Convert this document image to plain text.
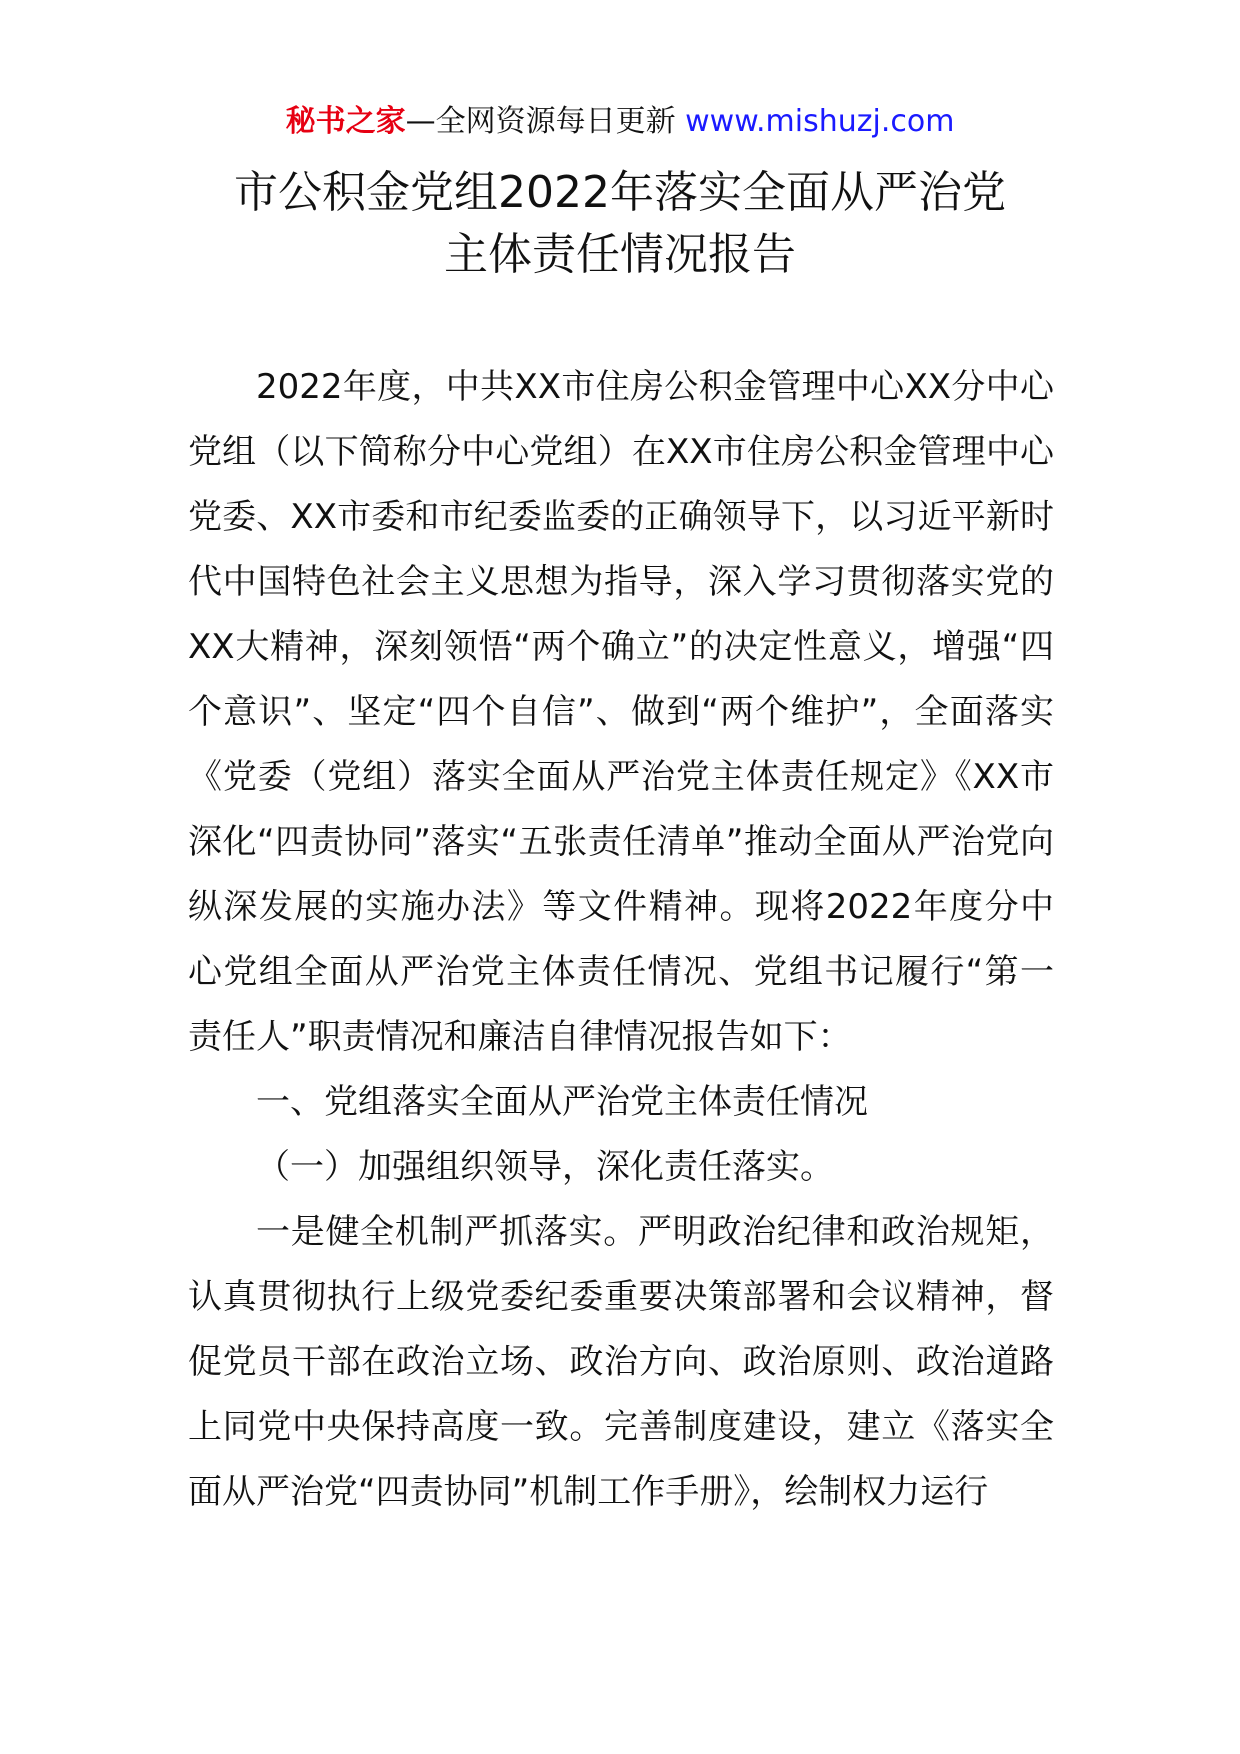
秘书之家—全网资源每日更新 www.mishuzj.com
市公积金党组2022年落实全面从严治党
主体责任情况报告

2022年度，中共XX市住房公积金管理中心XX分中心党组（以下简称分中心党组）在XX市住房公积金管理中心党委、XX市委和市纪委监委的正确领导下，以习近平新时代中国特色社会主义思想为指导，深入学习贯彻落实党的XX大精神，深刻领悟“两个确立”的决定性意义，增强“四个意识”、坚定“四个自信”、做到“两个维护”，全面落实《党委（党组）落实全面从严治党主体责任规定》《XX市深化“四责协同”落实“五张责任清单”推动全面从严治党向纵深发展的实施办法》等文件精神。现将2022年度分中心党组全面从严治党主体责任情况、党组书记履行“第一责任人”职责情况和廉洁自律情况报告如下：

一、党组落实全面从严治党主体责任情况

（一）加强组织领导，深化责任落实。

一是健全机制严抓落实。严明政治纪律和政治规矩，认真贯彻执行上级党委纪委重要决策部署和会议精神，督促党员干部在政治立场、政治方向、政治原则、政治道路上同党中央保持高度一致。完善制度建设，建立《落实全面从严治党“四责协同”机制工作手册》，绘制权力运行
